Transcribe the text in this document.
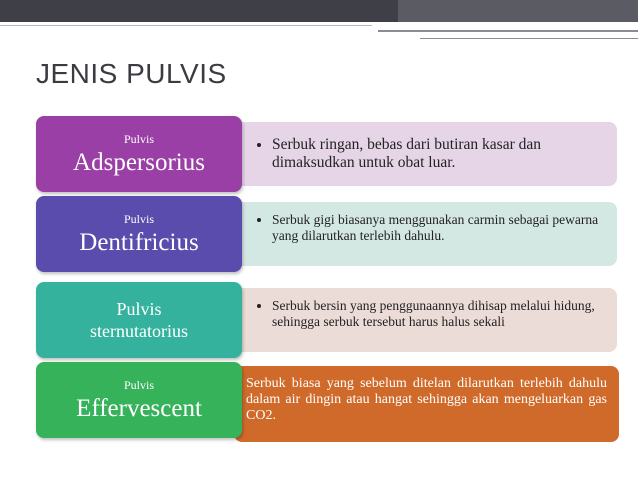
JENIS PULVIS
Pulvis
Adspersorius
• Serbuk ringan, bebas dari butiran kasar dan dimaksudkan untuk obat luar.
Pulvis
Dentifricius
• Serbuk gigi biasanya menggunakan carmin sebagai pewarna yang dilarutkan terlebih dahulu.
Pulvis
sternutatorius
• Serbuk bersin yang penggunaannya dihisap melalui hidung, sehingga serbuk tersebut harus halus sekali
Pulvis
Effervescent
Serbuk biasa yang sebelum ditelan dilarutkan terlebih dahulu dalam air dingin atau hangat sehingga akan mengeluarkan gas CO2.
